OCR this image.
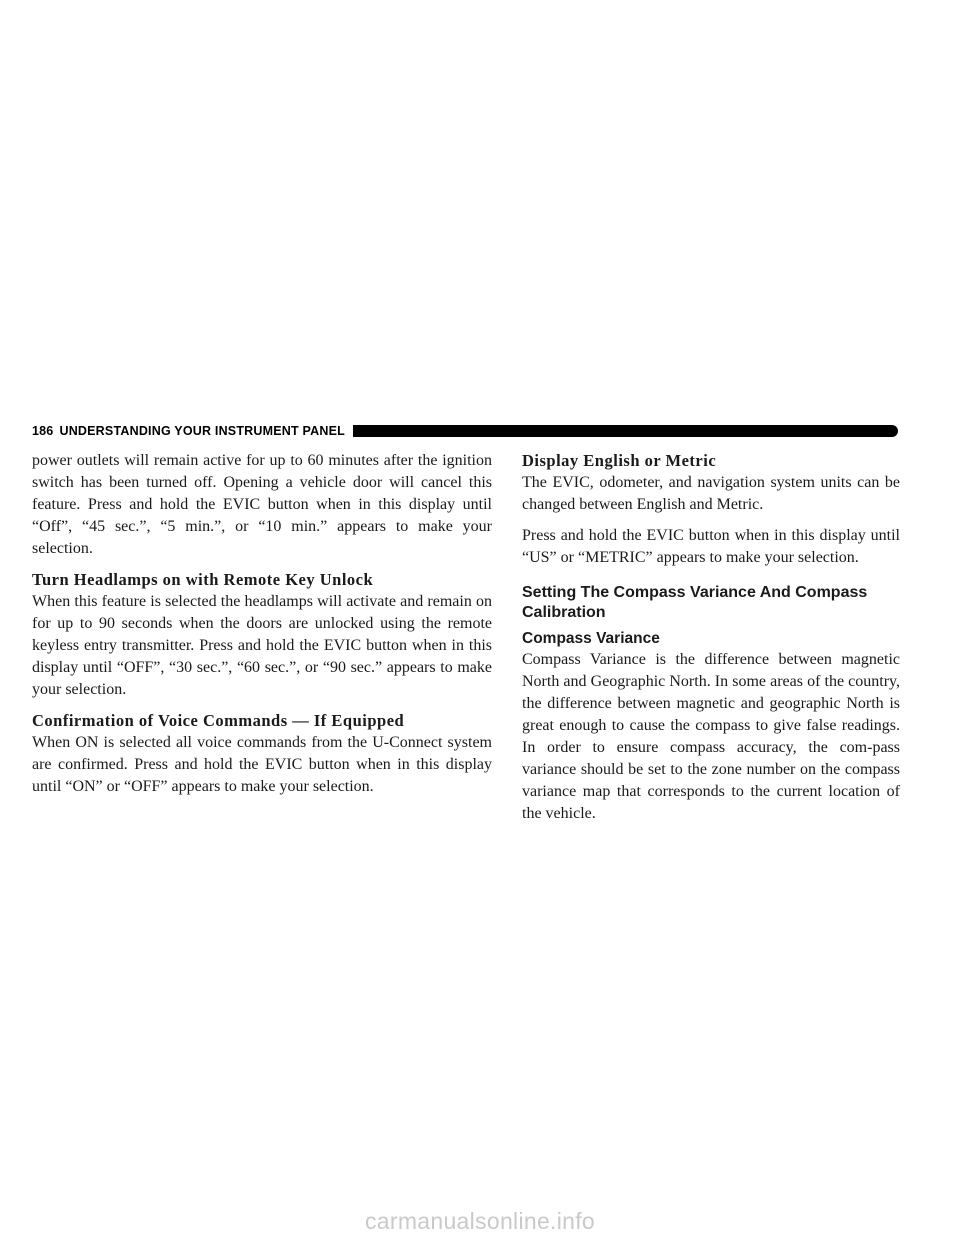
186 UNDERSTANDING YOUR INSTRUMENT PANEL

power outlets will remain active for up to 60 minutes after the ignition switch has been turned off. Opening a vehicle door will cancel this feature. Press and hold the EVIC button when in this display until “Off”, “45 sec.”, “5 min.”, or “10 min.” appears to make your selection.

Turn Headlamps on with Remote Key Unlock

When this feature is selected the headlamps will activate and remain on for up to 90 seconds when the doors are unlocked using the remote keyless entry transmitter. Press and hold the EVIC button when in this display until “OFF”, “30 sec.”, “60 sec.”, or “90 sec.” appears to make your selection.

Confirmation of Voice Commands — If Equipped

When ON is selected all voice commands from the U-Connect system are confirmed. Press and hold the EVIC button when in this display until “ON” or “OFF” appears to make your selection.

Display English or Metric

The EVIC, odometer, and navigation system units can be changed between English and Metric.

Press and hold the EVIC button when in this display until “US” or “METRIC” appears to make your selection.

Setting The Compass Variance And Compass Calibration
Compass Variance

Compass Variance is the difference between magnetic North and Geographic North. In some areas of the country, the difference between magnetic and geographic North is great enough to cause the compass to give false readings. In order to ensure compass accuracy, the com-pass variance should be set to the zone number on the compass variance map that corresponds to the current location of the vehicle.

carmanualsonline.info
